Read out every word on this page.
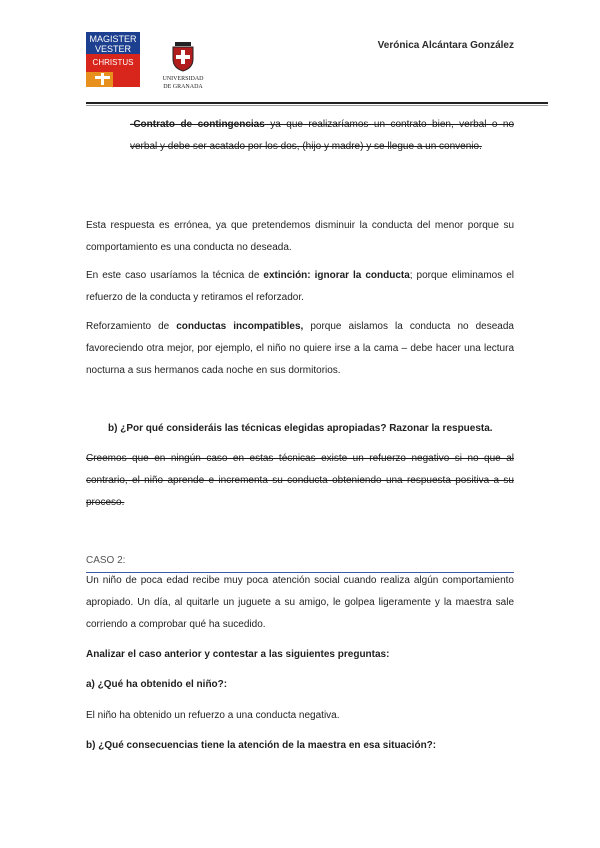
MAGISTER
VESTER
CHRISTUS
UNIVERSIDAD
DE GRANADA
Verónica Alcántara González
-Contrato de contingencias ya que realizaríamos un contrato bien, verbal o no verbal y debe ser acatado por los dos, (hijo y madre) y se llegue a un convenio.
Esta respuesta es errónea, ya que pretendemos disminuir la conducta del menor porque su comportamiento es una conducta no deseada.
En este caso usaríamos la técnica de extinción: ignorar la conducta; porque eliminamos el refuerzo de la conducta y retiramos el reforzador.
Reforzamiento de conductas incompatibles, porque aislamos la conducta no deseada favoreciendo otra mejor, por ejemplo, el niño no quiere irse a la cama – debe hacer una lectura nocturna a sus hermanos cada noche en sus dormitorios.
b) ¿Por qué consideráis las técnicas elegidas apropiadas? Razonar la respuesta.
Creemos que en ningún caso en estas técnicas existe un refuerzo negativo si no que al contrario, el niño aprende e incrementa su conducta obteniendo una respuesta positiva a su proceso.
CASO 2:
Un niño de poca edad recibe muy poca atención social cuando realiza algún comportamiento apropiado. Un día, al quitarle un juguete a su amigo, le golpea ligeramente y la maestra sale corriendo a comprobar qué ha sucedido.
Analizar el caso anterior y contestar a las siguientes preguntas:
a) ¿Qué ha obtenido el niño?:
El niño ha obtenido un refuerzo a una conducta negativa.
b) ¿Qué consecuencias tiene la atención de la maestra en esa situación?:
